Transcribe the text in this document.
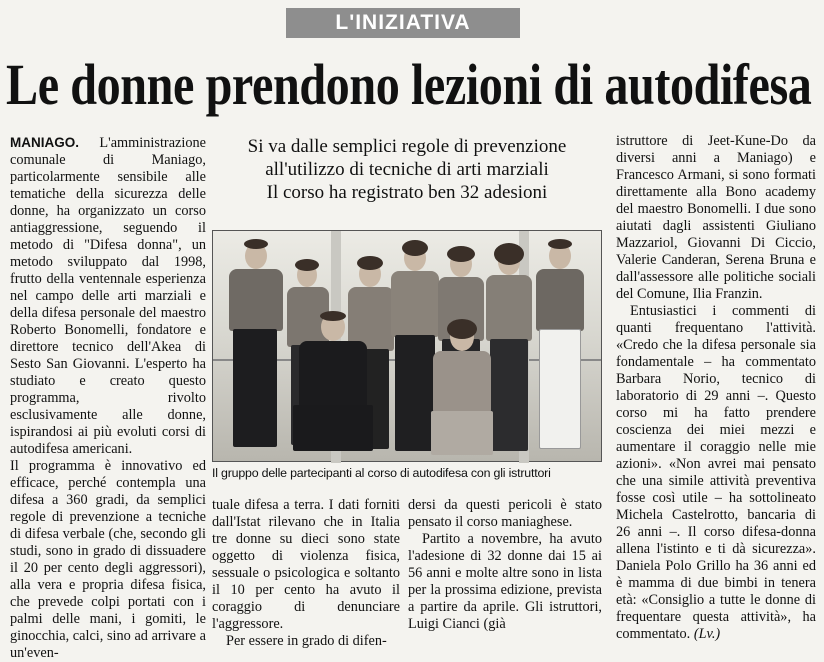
L'INIZIATIVA
Le donne prendono lezioni di autodifesa

MANIAGO. L'amministrazione comunale di Maniago, particolarmente sensibile alle tematiche della sicurezza delle donne, ha organizzato un corso antiaggressione, seguendo il metodo di "Difesa donna", un metodo sviluppato dal 1998, frutto della ventennale esperienza nel campo delle arti marziali e della difesa personale del maestro Roberto Bonomelli, fondatore e direttore tecnico dell'Akea di Sesto San Giovanni. L'esperto ha studiato e creato questo programma, rivolto esclusivamente alle donne, ispirandosi ai più evoluti corsi di autodifesa americani.

Il programma è innovativo ed efficace, perché contempla una difesa a 360 gradi, da semplici regole di prevenzione a tecniche di difesa verbale (che, secondo gli studi, sono in grado di dissuadere il 20 per cento degli aggressori), alla vera e propria difesa fisica, che prevede colpi portati con i palmi delle mani, i gomiti, le ginocchia, calci, sino ad arrivare a un'even-

Si va dalle semplici regole di prevenzione
all'utilizzo di tecniche di arti marziali
Il corso ha registrato ben 32 adesioni
Il gruppo delle partecipanti al corso di autodifesa con gli istruttori

tuale difesa a terra. I dati forniti dall'Istat rilevano che in Italia tre donne su dieci sono state oggetto di violenza fisica, sessuale o psicologica e soltanto il 10 per cento ha avuto il coraggio di denunciare l'aggressore.

Per essere in grado di difen-

dersi da questi pericoli è stato pensato il corso maniaghese.

Partito a novembre, ha avuto l'adesione di 32 donne dai 15 ai 56 anni e molte altre sono in lista per la prossima edizione, prevista a partire da aprile. Gli istruttori, Luigi Cianci (già

istruttore di Jeet-Kune-Do da diversi anni a Maniago) e Francesco Armani, si sono formati direttamente alla Bono academy del maestro Bonomelli. I due sono aiutati dagli assistenti Giuliano Mazzariol, Giovanni Di Ciccio, Valerie Canderan, Serena Bruna e dall'assessore alle politiche sociali del Comune, Ilia Franzin.

Entusiastici i commenti di quanti frequentano l'attività. «Credo che la difesa personale sia fondamentale – ha commentato Barbara Norio, tecnico di laboratorio di 29 anni –. Questo corso mi ha fatto prendere coscienza dei miei mezzi e aumentare il coraggio nelle mie azioni». «Non avrei mai pensato che una simile attività preventiva fosse così utile – ha sottolineato Michela Castelrotto, bancaria di 26 anni –. Il corso difesa-donna allena l'istinto e ti dà sicurezza». Daniela Polo Grillo ha 36 anni ed è mamma di due bimbi in tenera età: «Consiglio a tutte le donne di frequentare questa attività», ha commentato. (Lv.)
